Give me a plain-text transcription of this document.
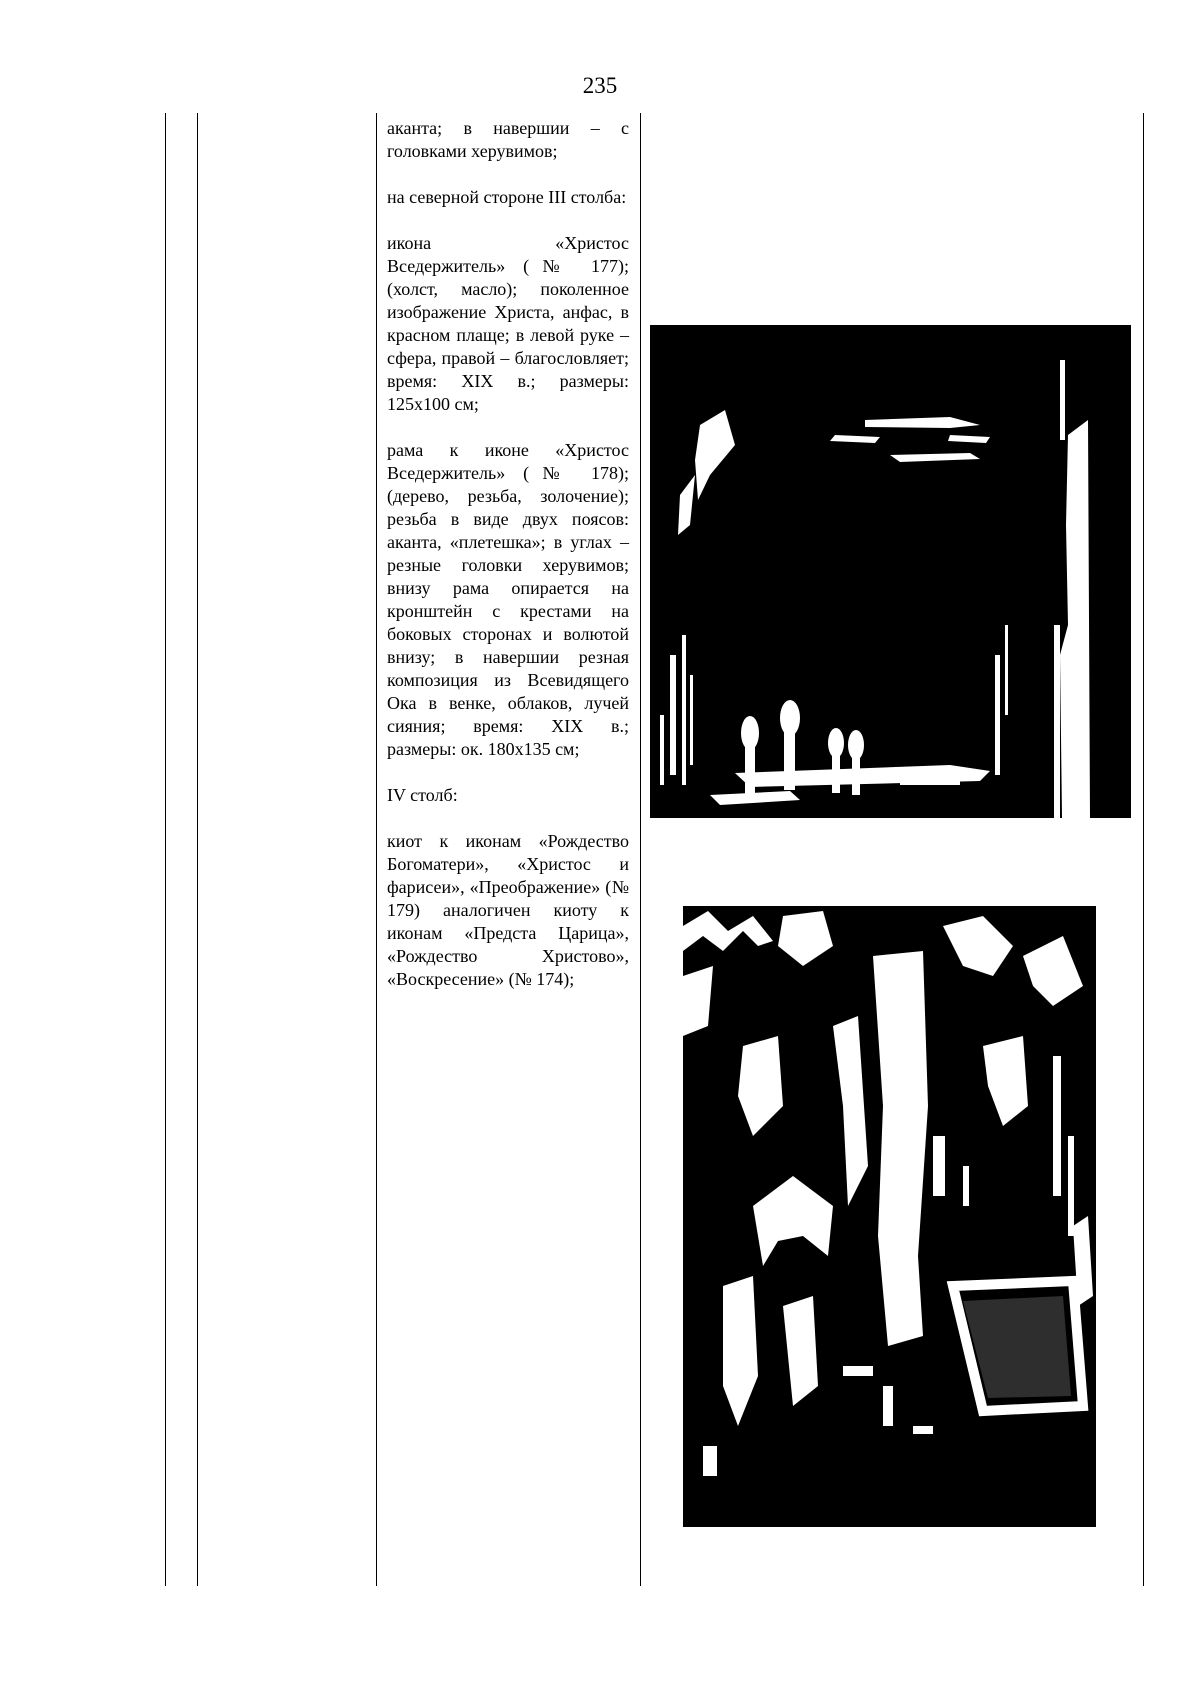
235

аканта; в навершии – с головками херувимов;

на северной стороне III столба:

икона «Христос Вседержитель» (№ 177); (холст, масло); поколенное изображение Христа, анфас, в красном плаще; в левой руке – сфера, правой – благословляет; время: XIX в.; размеры: 125х100 см;

рама к иконе «Христос Вседержитель» (№ 178); (дерево, резьба, золочение); резьба в виде двух поясов: аканта, «плетешка»; в углах – резные головки херувимов; внизу рама опирается на кронштейн с крестами на боковых сторонах и волютой внизу; в навершии резная композиция из Всевидящего Ока в венке, облаков, лучей сияния; время: XIX в.; размеры: ок. 180х135 см;

IV столб:

киот к иконам «Рождество Богоматери», «Христос и фарисеи», «Преображение» (№ 179) аналогичен киоту к иконам «Предста Царица», «Рождество Христово», «Воскресение» (№ 174);
